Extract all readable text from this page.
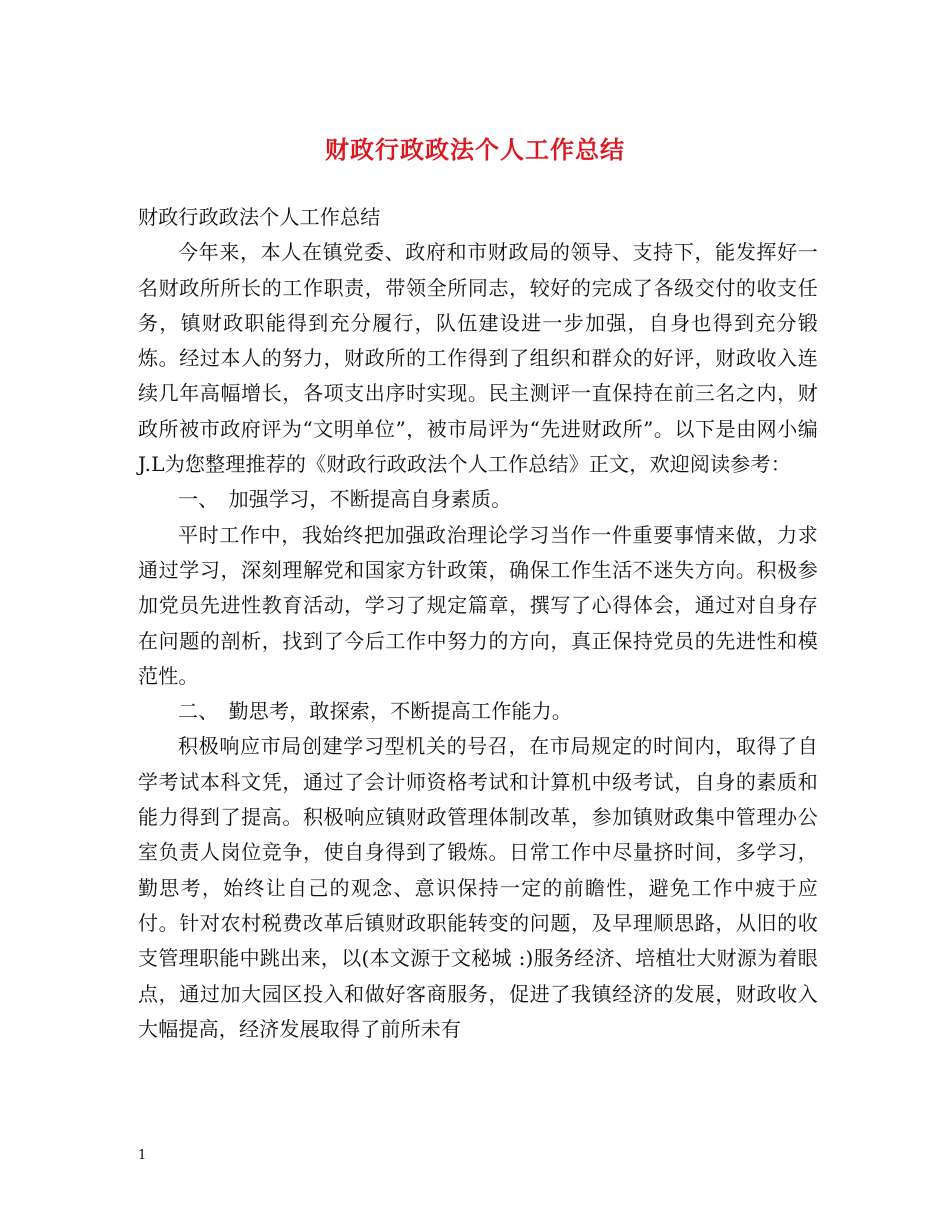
财政行政政法个人工作总结

财政行政政法个人工作总结

今年来，本人在镇党委、政府和市财政局的领导、支持下，能发挥好一名财政所所长的工作职责，带领全所同志，较好的完成了各级交付的收支任务，镇财政职能得到充分履行，队伍建设进一步加强，自身也得到充分锻炼。经过本人的努力，财政所的工作得到了组织和群众的好评，财政收入连续几年高幅增长，各项支出序时实现。民主测评一直保持在前三名之内，财政所被市政府评为“文明单位”，被市局评为“先进财政所”。以下是由网小编J.L为您整理推荐的《财政行政政法个人工作总结》正文，欢迎阅读参考：

一、　加强学习，不断提高自身素质。

平时工作中，我始终把加强政治理论学习当作一件重要事情来做，力求通过学习，深刻理解党和国家方针政策，确保工作生活不迷失方向。积极参加党员先进性教育活动，学习了规定篇章，撰写了心得体会，通过对自身存在问题的剖析，找到了今后工作中努力的方向，真正保持党员的先进性和模范性。

二、　勤思考，敢探索，不断提高工作能力。

积极响应市局创建学习型机关的号召，在市局规定的时间内，取得了自学考试本科文凭，通过了会计师资格考试和计算机中级考试，自身的素质和能力得到了提高。积极响应镇财政管理体制改革，参加镇财政集中管理办公室负责人岗位竞争，使自身得到了锻炼。日常工作中尽量挤时间，多学习，勤思考，始终让自己的观念、意识保持一定的前瞻性，避免工作中疲于应付。针对农村税费改革后镇财政职能转变的问题，及早理顺思路，从旧的收支管理职能中跳出来，以(本文源于文秘城 :)服务经济、培植壮大财源为着眼点，通过加大园区投入和做好客商服务，促进了我镇经济的发展，财政收入大幅提高，经济发展取得了前所未有

1
